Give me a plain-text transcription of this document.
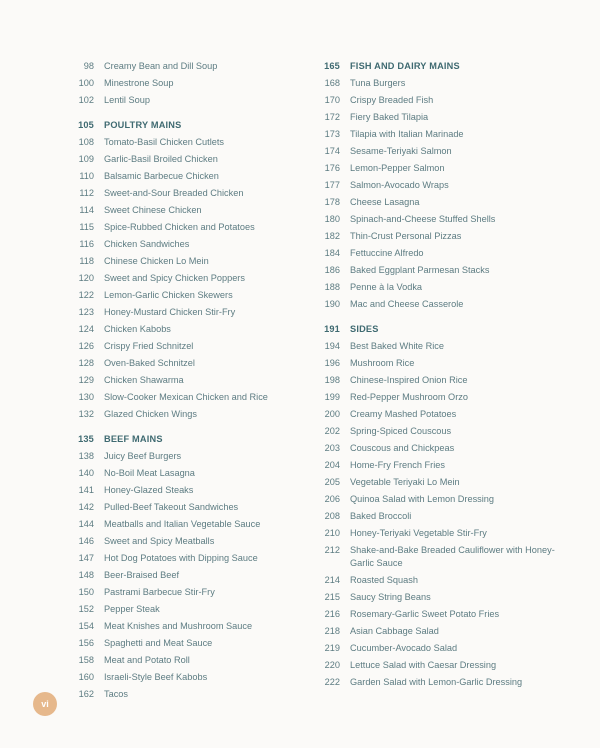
98 Creamy Bean and Dill Soup
100 Minestrone Soup
102 Lentil Soup
105 POULTRY MAINS
108 Tomato-Basil Chicken Cutlets
109 Garlic-Basil Broiled Chicken
110 Balsamic Barbecue Chicken
112 Sweet-and-Sour Breaded Chicken
114 Sweet Chinese Chicken
115 Spice-Rubbed Chicken and Potatoes
116 Chicken Sandwiches
118 Chinese Chicken Lo Mein
120 Sweet and Spicy Chicken Poppers
122 Lemon-Garlic Chicken Skewers
123 Honey-Mustard Chicken Stir-Fry
124 Chicken Kabobs
126 Crispy Fried Schnitzel
128 Oven-Baked Schnitzel
129 Chicken Shawarma
130 Slow-Cooker Mexican Chicken and Rice
132 Glazed Chicken Wings
135 BEEF MAINS
138 Juicy Beef Burgers
140 No-Boil Meat Lasagna
141 Honey-Glazed Steaks
142 Pulled-Beef Takeout Sandwiches
144 Meatballs and Italian Vegetable Sauce
146 Sweet and Spicy Meatballs
147 Hot Dog Potatoes with Dipping Sauce
148 Beer-Braised Beef
150 Pastrami Barbecue Stir-Fry
152 Pepper Steak
154 Meat Knishes and Mushroom Sauce
156 Spaghetti and Meat Sauce
158 Meat and Potato Roll
160 Israeli-Style Beef Kabobs
162 Tacos
165 FISH AND DAIRY MAINS
168 Tuna Burgers
170 Crispy Breaded Fish
172 Fiery Baked Tilapia
173 Tilapia with Italian Marinade
174 Sesame-Teriyaki Salmon
176 Lemon-Pepper Salmon
177 Salmon-Avocado Wraps
178 Cheese Lasagna
180 Spinach-and-Cheese Stuffed Shells
182 Thin-Crust Personal Pizzas
184 Fettuccine Alfredo
186 Baked Eggplant Parmesan Stacks
188 Penne à la Vodka
190 Mac and Cheese Casserole
191 SIDES
194 Best Baked White Rice
196 Mushroom Rice
198 Chinese-Inspired Onion Rice
199 Red-Pepper Mushroom Orzo
200 Creamy Mashed Potatoes
202 Spring-Spiced Couscous
203 Couscous and Chickpeas
204 Home-Fry French Fries
205 Vegetable Teriyaki Lo Mein
206 Quinoa Salad with Lemon Dressing
208 Baked Broccoli
210 Honey-Teriyaki Vegetable Stir-Fry
212 Shake-and-Bake Breaded Cauliflower with Honey-Garlic Sauce
214 Roasted Squash
215 Saucy String Beans
216 Rosemary-Garlic Sweet Potato Fries
218 Asian Cabbage Salad
219 Cucumber-Avocado Salad
220 Lettuce Salad with Caesar Dressing
222 Garden Salad with Lemon-Garlic Dressing
vi
